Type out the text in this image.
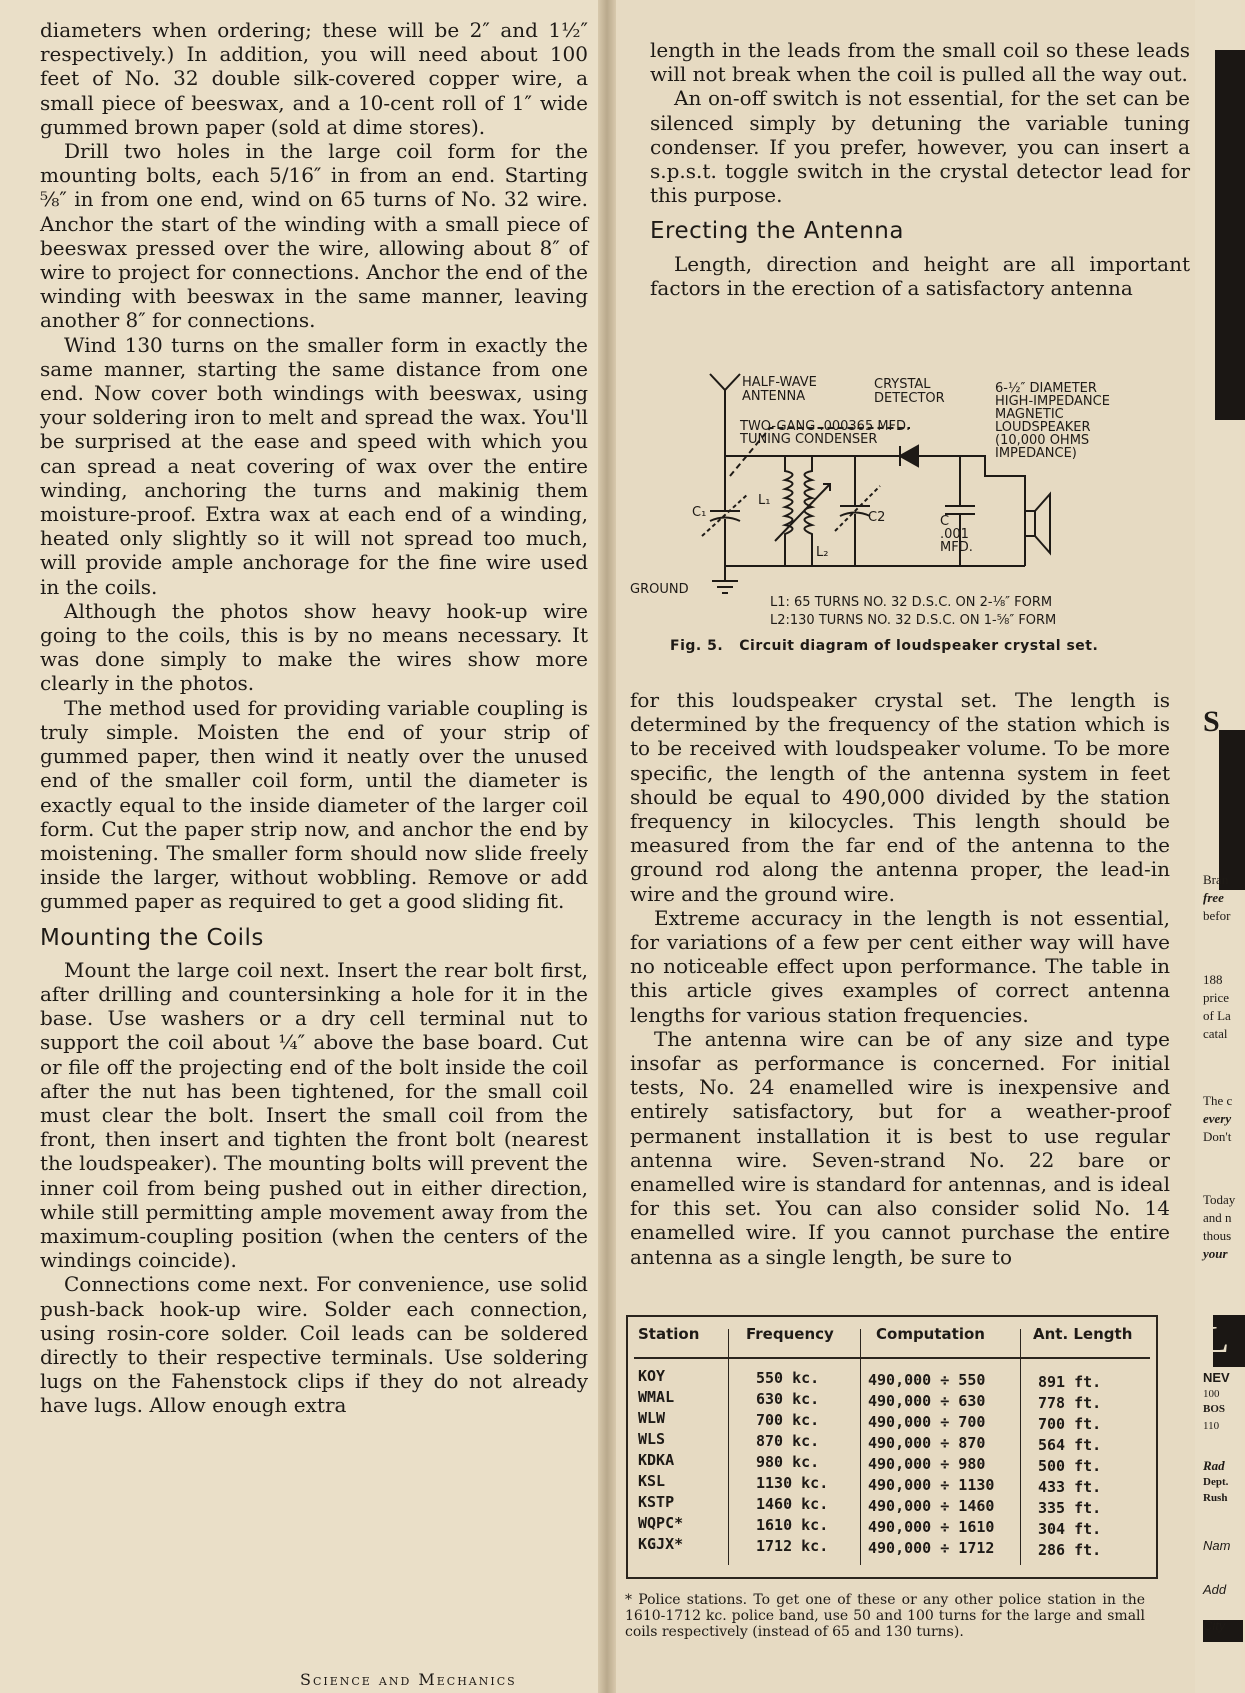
diameters when ordering; these will be 2″ and 1½″ respectively.) In addition, you will need about 100 feet of No. 32 double silk-covered copper wire, a small piece of beeswax, and a 10-cent roll of 1″ wide gummed brown paper (sold at dime stores).

Drill two holes in the large coil form for the mounting bolts, each 5/16″ in from an end. Starting ⅝″ in from one end, wind on 65 turns of No. 32 wire. Anchor the start of the winding with a small piece of beeswax pressed over the wire, allowing about 8″ of wire to project for connections. Anchor the end of the winding with beeswax in the same manner, leaving another 8″ for connections.

Wind 130 turns on the smaller form in exactly the same manner, starting the same distance from one end. Now cover both windings with beeswax, using your soldering iron to melt and spread the wax. You'll be surprised at the ease and speed with which you can spread a neat covering of wax over the entire winding, anchoring the turns and makinig them moisture-proof. Extra wax at each end of a winding, heated only slightly so it will not spread too much, will provide ample anchorage for the fine wire used in the coils.

Although the photos show heavy hook-up wire going to the coils, this is by no means necessary. It was done simply to make the wires show more clearly in the photos.

The method used for providing variable coupling is truly simple. Moisten the end of your strip of gummed paper, then wind it neatly over the unused end of the smaller coil form, until the diameter is exactly equal to the inside diameter of the larger coil form. Cut the paper strip now, and anchor the end by moistening. The smaller form should now slide freely inside the larger, without wobbling. Remove or add gummed paper as required to get a good sliding fit.

Mounting the Coils

Mount the large coil next. Insert the rear bolt first, after drilling and countersinking a hole for it in the base. Use washers or a dry cell terminal nut to support the coil about ¼″ above the base board. Cut or file off the projecting end of the bolt inside the coil after the nut has been tightened, for the small coil must clear the bolt. Insert the small coil from the front, then insert and tighten the front bolt (nearest the loudspeaker). The mounting bolts will prevent the inner coil from being pushed out in either direction, while still permitting ample movement away from the maximum-coupling position (when the centers of the windings coincide).

Connections come next. For convenience, use solid push-back hook-up wire. Solder each connection, using rosin-core solder. Coil leads can be soldered directly to their respective terminals. Use soldering lugs on the Fahenstock clips if they do not already have lugs. Allow enough extra

Science and Mechanics

length in the leads from the small coil so these leads will not break when the coil is pulled all the way out.

An on-off switch is not essential, for the set can be silenced simply by detuning the variable tuning condenser. If you prefer, however, you can insert a s.p.s.t. toggle switch in the crystal detector lead for this purpose.

Erecting the Antenna

Length, direction and height are all important factors in the erection of a satisfactory antenna

HALF-WAVE
ANTENNA
CRYSTAL
DETECTOR
6-½″ DIAMETER
HIGH-IMPEDANCE
MAGNETIC
LOUDSPEAKER
(10,000 OHMS
IMPEDANCE)
TWO-GANG .000365 MFD.
TUNING CONDENSER
C₁
L₁
L₂
C2	C
.001
MFD.
GROUND
L1: 65 TURNS NO. 32 D.S.C. ON 2-⅛″ FORM
L2:130 TURNS NO. 32 D.S.C. ON 1-⅝″ FORM
Fig. 5. Circuit diagram of loudspeaker crystal set.

for this loudspeaker crystal set. The length is determined by the frequency of the station which is to be received with loudspeaker volume. To be more specific, the length of the antenna system in feet should be equal to 490,000 divided by the station frequency in kilocycles. This length should be measured from the far end of the antenna to the ground rod along the antenna proper, the lead-in wire and the ground wire.

Extreme accuracy in the length is not essential, for variations of a few per cent either way will have no noticeable effect upon performance. The table in this article gives examples of correct antenna lengths for various station frequencies.

The antenna wire can be of any size and type insofar as performance is concerned. For initial tests, No. 24 enamelled wire is inexpensive and entirely satisfactory, but for a weather-proof permanent installation it is best to use regular antenna wire. Seven-strand No. 22 bare or enamelled wire is standard for antennas, and is ideal for this set. You can also consider solid No. 14 enamelled wire. If you cannot purchase the entire antenna as a single length, be sure to

Station	Frequency	Computation	Ant. Length
KOY	550 kc.	490,000 ÷ 550	891 ft.
WMAL	630 kc.	490,000 ÷ 630	778 ft.
WLW	700 kc.	490,000 ÷ 700	700 ft.
WLS	870 kc.	490,000 ÷ 870	564 ft.
KDKA	980 kc.	490,000 ÷ 980	500 ft.
KSL	1130 kc.	490,000 ÷ 1130	433 ft.
KSTP	1460 kc.	490,000 ÷ 1460	335 ft.
WQPC*	1610 kc.	490,000 ÷ 1610	304 ft.
KGJX*	1712 kc.	490,000 ÷ 1712	286 ft.
* Police stations. To get one of these or any other police station in the 1610-1712 kc. police band, use 50 and 100 turns for the large and small coils respectively (instead of 65 and 130 turns).
S
Bran
free
befor
188
price
of La
catal
The c
every
Don't
Today
and n
thous
your
L
NEV
100
BOS
110
Rad
Dept.
Rush
Nam
Add
City
